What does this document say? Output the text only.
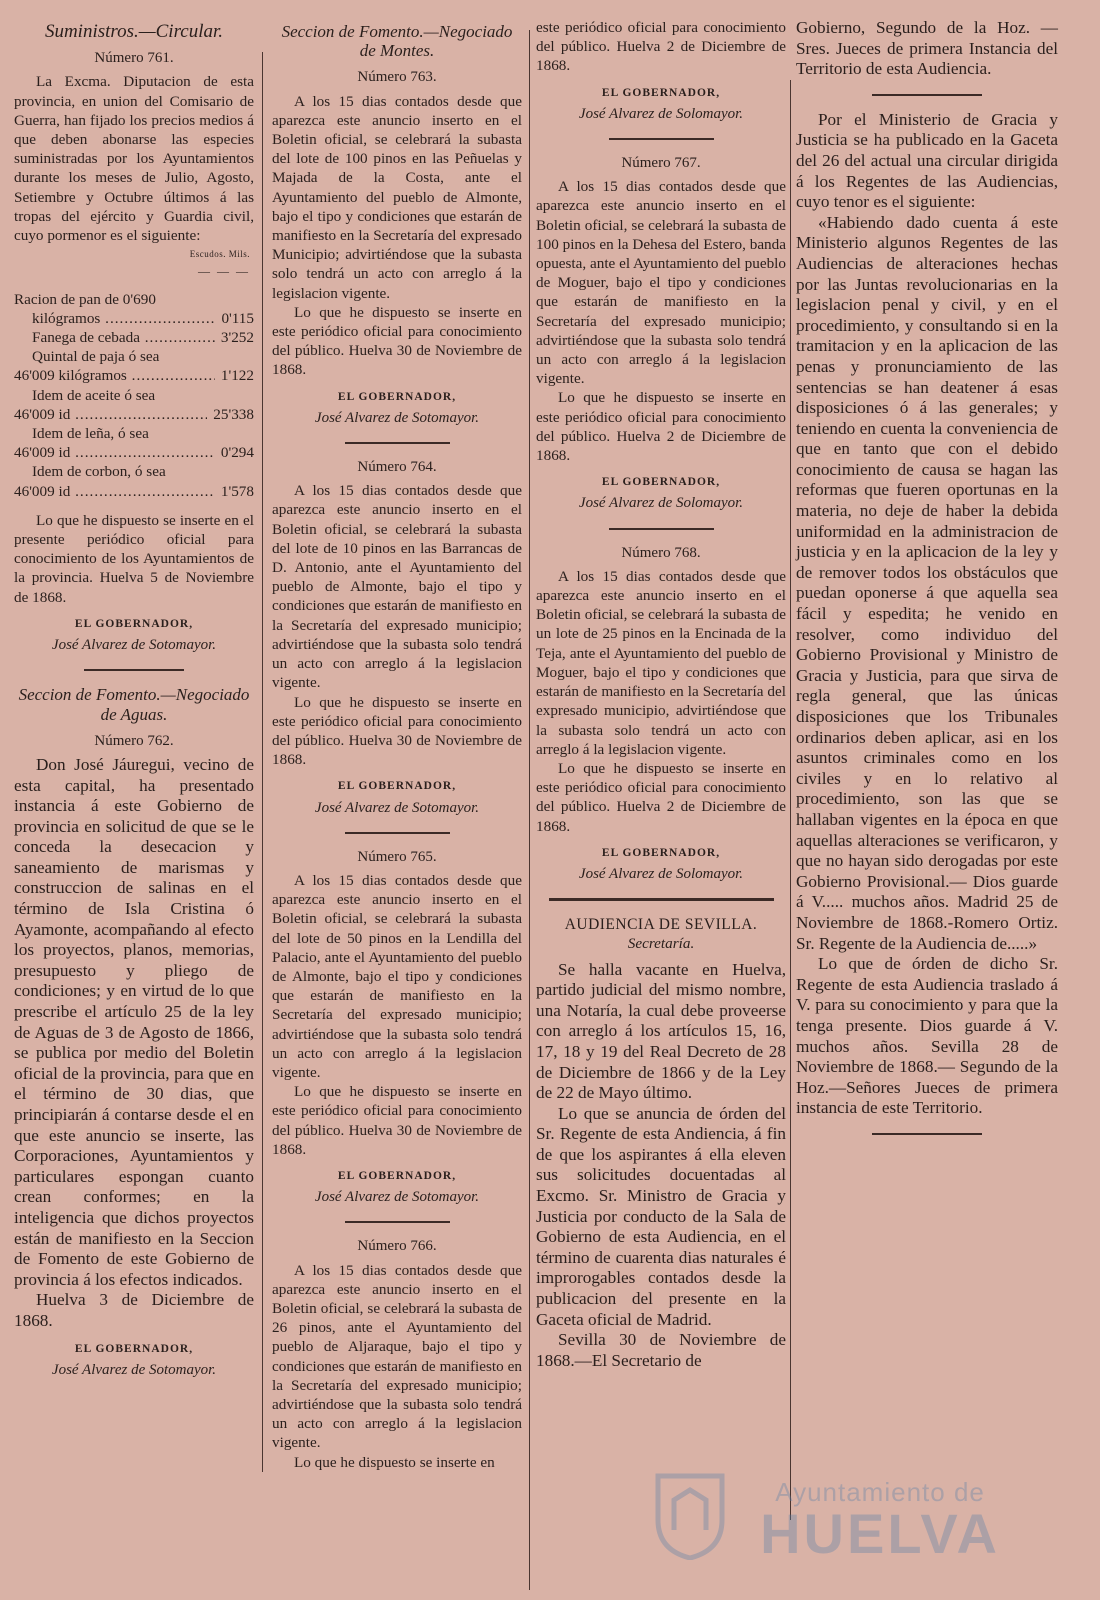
Suministros.—Circular.
Número 761.

La Excma. Diputacion de esta provincia, en union del Comisario de Guerra, han fijado los precios medios á que deben abonarse las especies suministradas por los Ayuntamientos durante los meses de Julio, Agosto, Setiembre y Octubre últimos á las tropas del ejército y Guardia civil, cuyo pormenor es el siguiente:

Escudos. Mils.
— — —
Racion de pan de 0'690
kilógramos .....	0'115
Fanega de cebada .....	3'252
Quintal de paja ó sea
46'009 kilógramos .....	1'122
Idem de aceite ó sea
46'009 id .....	25'338
Idem de leña, ó sea
46'009 id .....	0'294
Idem de corbon, ó sea
46'009 id .....	1'578

Lo que he dispuesto se inserte en el presente periódico oficial para conocimiento de los Ayuntamientos de la provincia. Huelva 5 de Noviembre de 1868.

EL GOBERNADOR,
José Alvarez de Sotomayor.
Seccion de Fomento.—Negociado de Aguas.
Número 762.

Don José Jáuregui, vecino de esta capital, ha presentado instancia á este Gobierno de provincia en solicitud de que se le conceda la desecacion y saneamiento de marismas y construccion de salinas en el término de Isla Cristina ó Ayamonte, acompañando al efecto los proyectos, planos, memorias, presupuesto y pliego de condiciones; y en virtud de lo que prescribe el artículo 25 de la ley de Aguas de 3 de Agosto de 1866, se publica por medio del Boletin oficial de la provincia, para que en el término de 30 dias, que principiarán á contarse desde el en que este anuncio se inserte, las Corporaciones, Ayuntamientos y particulares espongan cuanto crean conformes; en la inteligencia que dichos proyectos están de manifiesto en la Seccion de Fomento de este Gobierno de provincia á los efectos indicados.

Huelva 3 de Diciembre de 1868.

EL GOBERNADOR,
José Alvarez de Sotomayor.
Seccion de Fomento.—Negociado de Montes.
Número 763.

A los 15 dias contados desde que aparezca este anuncio inserto en el Boletin oficial, se celebrará la subasta del lote de 100 pinos en las Peñuelas y Majada de la Costa, ante el Ayuntamiento del pueblo de Almonte, bajo el tipo y condiciones que estarán de manifiesto en la Secretaría del expresado Municipio; advirtiéndose que la subasta solo tendrá un acto con arreglo á la legislacion vigente.

Lo que he dispuesto se inserte en este periódico oficial para conocimiento del público. Huelva 30 de Noviembre de 1868.

EL GOBERNADOR,
José Alvarez de Sotomayor.
Número 764.

A los 15 dias contados desde que aparezca este anuncio inserto en el Boletin oficial, se celebrará la subasta del lote de 10 pinos en las Barrancas de D. Antonio, ante el Ayuntamiento del pueblo de Almonte, bajo el tipo y condiciones que estarán de manifiesto en la Secretaría del expresado municipio; advirtiéndose que la subasta solo tendrá un acto con arreglo á la legislacion vigente.

Lo que he dispuesto se inserte en este periódico oficial para conocimiento del público. Huelva 30 de Noviembre de 1868.

EL GOBERNADOR,
José Alvarez de Sotomayor.
Número 765.

A los 15 dias contados desde que aparezca este anuncio inserto en el Boletin oficial, se celebrará la subasta del lote de 50 pinos en la Lendilla del Palacio, ante el Ayuntamiento del pueblo de Almonte, bajo el tipo y condiciones que estarán de manifiesto en la Secretaría del expresado municipio; advirtiéndose que la subasta solo tendrá un acto con arreglo á la legislacion vigente.

Lo que he dispuesto se inserte en este periódico oficial para conocimiento del público. Huelva 30 de Noviembre de 1868.

EL GOBERNADOR,
José Alvarez de Sotomayor.
Número 766.

A los 15 dias contados desde que aparezca este anuncio inserto en el Boletin oficial, se celebrará la subasta de 26 pinos, ante el Ayuntamiento del pueblo de Aljaraque, bajo el tipo y condiciones que estarán de manifiesto en la Secretaría del expresado municipio; advirtiéndose que la subasta solo tendrá un acto con arreglo á la legislacion vigente.

Lo que he dispuesto se inserte en

este periódico oficial para conocimiento del público. Huelva 2 de Diciembre de 1868.

EL GOBERNADOR,
José Alvarez de Solomayor.
Número 767.

A los 15 dias contados desde que aparezca este anuncio inserto en el Boletin oficial, se celebrará la subasta de 100 pinos en la Dehesa del Estero, banda opuesta, ante el Ayuntamiento del pueblo de Moguer, bajo el tipo y condiciones que estarán de manifiesto en la Secretaría del expresado municipio; advirtiéndose que la subasta solo tendrá un acto con arreglo á la legislacion vigente.

Lo que he dispuesto se inserte en este periódico oficial para conocimiento del público. Huelva 2 de Diciembre de 1868.

EL GOBERNADOR,
José Alvarez de Solomayor.
Número 768.

A los 15 dias contados desde que aparezca este anuncio inserto en el Boletin oficial, se celebrará la subasta de un lote de 25 pinos en la Encinada de la Teja, ante el Ayuntamiento del pueblo de Moguer, bajo el tipo y condiciones que estarán de manifiesto en la Secretaría del expresado municipio, advirtiéndose que la subasta solo tendrá un acto con arreglo á la legislacion vigente.

Lo que he dispuesto se inserte en este periódico oficial para conocimiento del público. Huelva 2 de Diciembre de 1868.

EL GOBERNADOR,
José Alvarez de Solomayor.
AUDIENCIA DE SEVILLA.
Secretaría.

Se halla vacante en Huelva, partido judicial del mismo nombre, una Notaría, la cual debe proveerse con arreglo á los artículos 15, 16, 17, 18 y 19 del Real Decreto de 28 de Diciembre de 1866 y de la Ley de 22 de Mayo último.

Lo que se anuncia de órden del Sr. Regente de esta Andiencia, á fin de que los aspirantes á ella eleven sus solicitudes docuentadas al Excmo. Sr. Ministro de Gracia y Justicia por conducto de la Sala de Gobierno de esta Audiencia, en el término de cuarenta dias naturales é improrogables contados desde la publicacion del presente en la Gaceta oficial de Madrid.

Sevilla 30 de Noviembre de 1868.—El Secretario de

Gobierno, Segundo de la Hoz. —Sres. Jueces de primera Instancia del Territorio de esta Audiencia.

Por el Ministerio de Gracia y Justicia se ha publicado en la Gaceta del 26 del actual una circular dirigida á los Regentes de las Audiencias, cuyo tenor es el siguiente:

«Habiendo dado cuenta á este Ministerio algunos Regentes de las Audiencias de alteraciones hechas por las Juntas revolucionarias en la legislacion penal y civil, y en el procedimiento, y consultando si en la tramitacion y en la aplicacion de las penas y pronunciamiento de las sentencias se han deatener á esas disposiciones ó á las generales; y teniendo en cuenta la conveniencia de que en tanto que con el debido conocimiento de causa se hagan las reformas que fueren oportunas en la materia, no deje de haber la debida uniformidad en la administracion de justicia y en la aplicacion de la ley y de remover todos los obstáculos que puedan oponerse á que aquella sea fácil y espedita; he venido en resolver, como individuo del Gobierno Provisional y Ministro de Gracia y Justicia, para que sirva de regla general, que las únicas disposiciones que los Tribunales ordinarios deben aplicar, asi en los asuntos criminales como en los civiles y en lo relativo al procedimiento, son las que se hallaban vigentes en la época en que aquellas alteraciones se verificaron, y que no hayan sido derogadas por este Gobierno Provisional.— Dios guarde á V..... muchos años. Madrid 25 de Noviembre de 1868.-Romero Ortiz. Sr. Regente de la Audiencia de.....»

Lo que de órden de dicho Sr. Regente de esta Audiencia traslado á V. para su conocimiento y para que la tenga presente. Dios guarde á V. muchos años. Sevilla 28 de Noviembre de 1868.— Segundo de la Hoz.—Señores Jueces de primera instancia de este Territorio.

Ayuntamiento de
HUELVA
